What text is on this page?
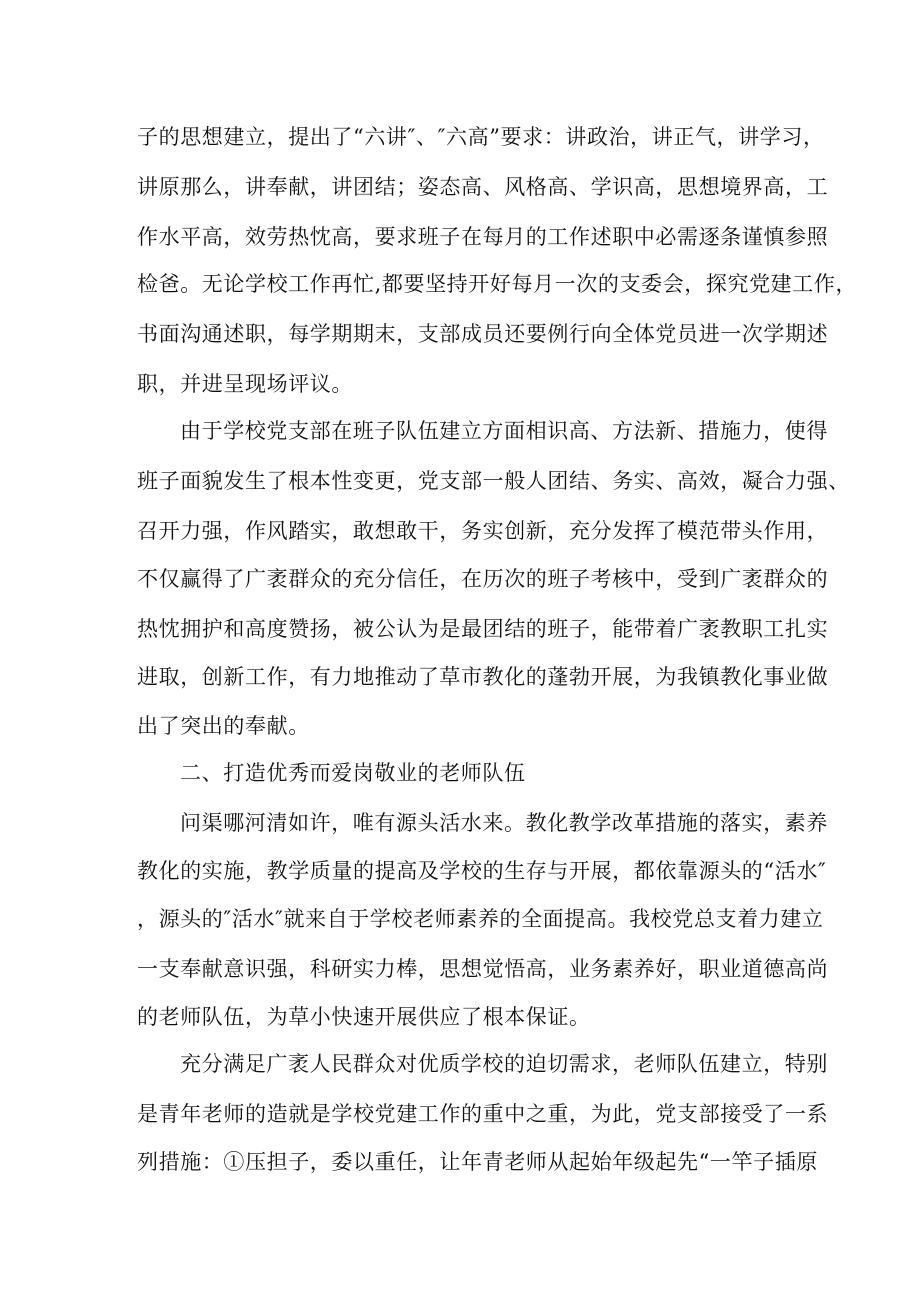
子的思想建立，提出了“六讲″、″六高”要求：讲政治，讲正气，讲学习，
讲原那么，讲奉献，讲团结；姿态高、风格高、学识高，思想境界高，工
作水平高，效劳热忱高，要求班子在每月的工作述职中必需逐条谨慎参照
检爸。无论学校工作再忙,都要坚持开好每月一次的支委会，探究党建工作，
书面沟通述职，每学期期末，支部成员还要例行向全体党员进一次学期述
职，并进呈现场评议。
由于学校党支部在班子队伍建立方面相识高、方法新、措施力，使得
班子面貌发生了根本性变更，党支部一般人团结、务实、高效，凝合力强、
召开力强，作风踏实，敢想敢干，务实创新，充分发挥了模范带头作用，
不仅赢得了广袤群众的充分信任，在历次的班子考核中，受到广袤群众的
热忱拥护和高度赞扬，被公认为是最团结的班子，能带着广袤教职工扎实
进取，创新工作，有力地推动了草市教化的蓬勃开展，为我镇教化事业做
出了突出的奉献。
二、打造优秀而爱岗敬业的老师队伍
问渠哪河清如许，唯有源头活水来。教化教学改革措施的落实，素养
教化的实施，教学质量的提高及学校的生存与开展，都依靠源头的“活水″
，源头的″活水″就来自于学校老师素养的全面提高。我校党总支着力建立
一支奉献意识强，科研实力棒，思想觉悟高，业务素养好，职业道德高尚
的老师队伍，为草小快速开展供应了根本保证。
充分满足广袤人民群众对优质学校的迫切需求，老师队伍建立，特别
是青年老师的造就是学校党建工作的重中之重，为此，党支部接受了一系
列措施：①压担子，委以重任，让年青老师从起始年级起先“一竿子插原
